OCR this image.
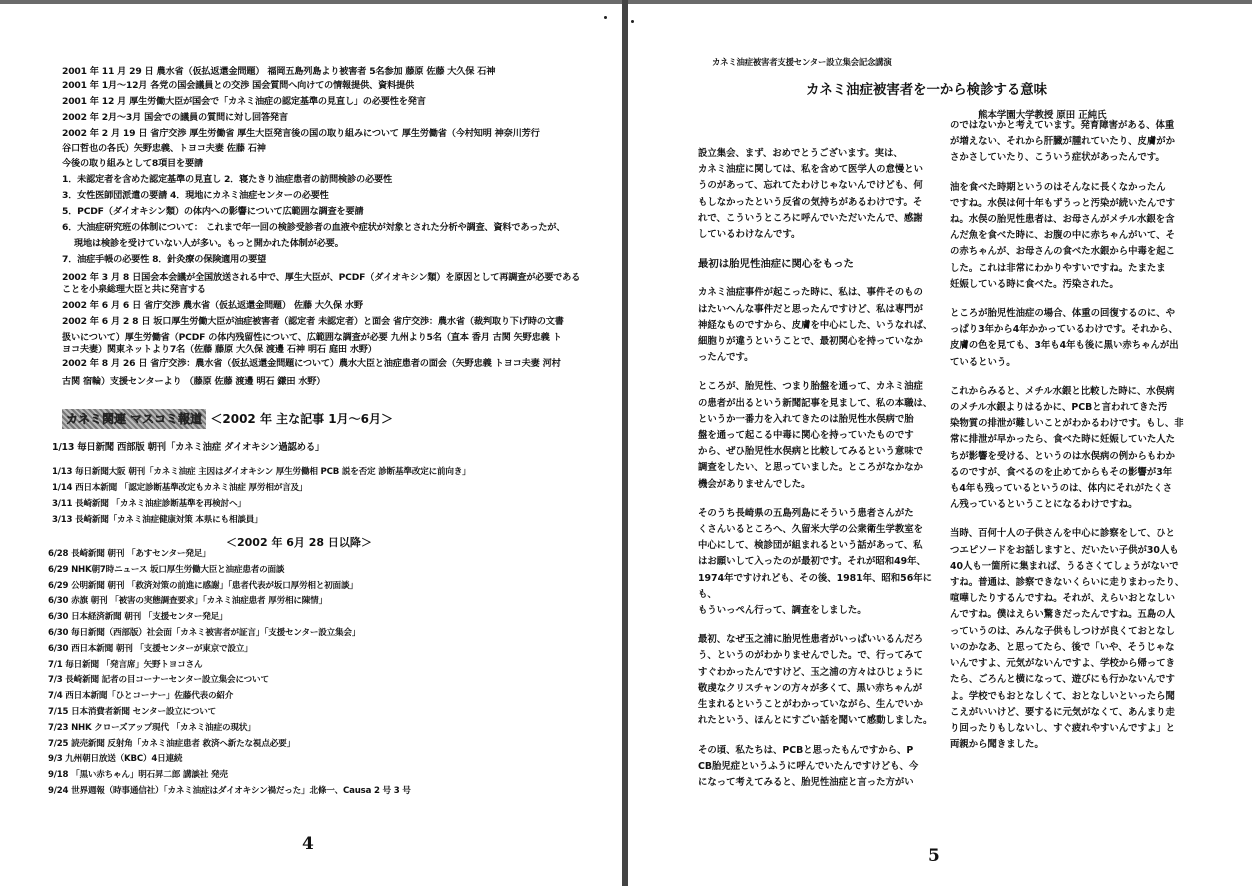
2001 年 11 月 29 日 農水省（仮払返還金問題） 福岡五島列島より被害者 5名参加 藤原 佐藤 大久保 石神
2001 年 1月～12月 各党の国会議員との交渉 国会質問へ向けての情報提供、資料提供
2001 年 12 月 厚生労働大臣が国会で「カネミ油症の認定基準の見直し」の必要性を発言
2002 年 2月～3月 国会での議員の質問に対し回答発言
2002 年 2 月 19 日 省庁交渉 厚生労働省 厚生大臣発言後の国の取り組みについて 厚生労働省（今村知明 神奈川芳行
谷口哲也の各氏）矢野忠義、トヨコ夫妻 佐藤 石神
今後の取り組みとして8項目を要請
1．未認定者を含めた認定基準の見直し 2．寝たきり油症患者の訪問検診の必要性
3．女性医師団派遣の要請 4．現地にカネミ油症センターの必要性
5．PCDF（ダイオキシン類）の体内への影響について広範囲な調査を要請
6．大油症研究班の体制について： これまで年一回の検診受診者の血液や症状が対象とされた分析や調査、資料であったが、
現地は検診を受けていない人が多い。もっと開かれた体制が必要。
7．油症手帳の必要性 8．針灸療の保険適用の要望
2002 年 3 月 8 日国会本会議が全国放送される中で、厚生大臣が、PCDF（ダイオキシン類）を原因として再調査が必要である
ことを小泉総理大臣と共に発言する
2002 年 6 月 6 日 省庁交渉 農水省（仮払返還金問題） 佐藤 大久保 水野
2002 年 6 月 2 8 日 坂口厚生労働大臣が油症被害者（認定者 未認定者）と面会 省庁交渉：農水省（裁判取り下げ時の文書
扱いについて）厚生労働省（PCDF の体内残留性について、広範囲な調査が必要 九州より5名（直本 香月 古関 矢野忠義 ト
ヨコ夫妻）関東ネットより7名（佐藤 藤原 大久保 渡邊 石神 明石 庭田 水野）
2002 年 8 月 26 日 省庁交渉：農水省（仮払返還金問題について）農水大臣と油症患者の面会（矢野忠義 トヨコ夫妻 河村
古関 宿輪）支援センターより （藤原 佐藤 渡邊 明石 鎌田 水野）
カネミ関連 マスコミ報道 ＜2002 年 主な記事 1月～6月＞
1/13 毎日新聞 西部版 朝刊「カネミ油症 ダイオキシン過認める」
1/13 毎日新聞大阪 朝刊「カネミ油症 主因はダイオキシン 厚生労働相 PCB 説を否定 診断基準改定に前向き」
1/14 西日本新聞 「認定診断基準改定もカネミ油症 厚労相が言及」
3/11 長崎新聞 「カネミ油症診断基準を再検討へ」
3/13 長崎新聞「カネミ油症健康対策 本県にも相談員」
＜2002 年 6月 28 日以降＞
6/28 長崎新聞 朝刊 「あすセンター発足」
6/29 NHK朝7時ニュース 坂口厚生労働大臣と油症患者の面談
6/29 公明新聞 朝刊 「救済対策の前進に感謝」「患者代表が坂口厚労相と初面談」
6/30 赤旗 朝刊 「被害の実態調査要求」「カネミ油症患者 厚労相に陳情」
6/30 日本経済新聞 朝刊 「支援センター発足」
6/30 毎日新聞（西部版）社会面「カネミ被害者が証言」「支援センター設立集会」
6/30 西日本新聞 朝刊 「支援センターが東京で設立」
7/1 毎日新聞 「発言席」矢野トヨコさん
7/3 長崎新聞 記者の目コーナーセンター設立集会について
7/4 西日本新聞「ひとコーナー」佐藤代表の紹介
7/15 日本消費者新聞 センター設立について
7/23 NHK クローズアップ現代 「カネミ油症の現状」
7/25 読売新聞 反射角「カネミ油症患者 救済へ新たな視点必要」
9/3 九州朝日放送（KBC）4日連続
9/18 「黒い赤ちゃん」明石昇二郎 講談社 発売
9/24 世界週報（時事通信社）「カネミ油症はダイオキシン禍だった」北條一、Causa 2 号 3 号
4
カネミ油症被害者支援センター設立集会記念講演
カネミ油症被害者を一から検診する意味
熊本学園大学教授 原田 正純氏

設立集会、まず、おめでとうございます。実は、
カネミ油症に関しては、私を含めて医学人の怠慢とい
うのがあって、忘れてたわけじゃないんでけども、何
もしなかったという反省の気持ちがあるわけです。そ
れで、こういうところに呼んでいただいたんで、感謝
しているわけなんです。

最初は胎児性油症に関心をもった

カネミ油症事件が起こった時に、私は、事件そのもの
はたいへんな事件だと思ったんですけど、私は専門が
神経なものですから、皮膚を中心にした、いうなれば、
細胞りが違うということで、最初関心を持っていなか
ったんです。

ところが、胎児性、つまり胎盤を通って、カネミ油症
の患者が出るという新聞記事を見まして、私の本職は、
というか一番力を入れてきたのは胎児性水俣病で胎
盤を通って起こる中毒に関心を持っていたものです
から、ぜひ胎児性水俣病と比較してみるという意味で
調査をしたい、と思っていました。ところがなかなか
機会がありませんでした。

そのうち長崎県の五島列島にそういう患者さんがた
くさんいるところへ、久留米大学の公衆衛生学教室を
中心にして、検診団が組まれるという話があって、私
はお願いして入ったのが最初です。それが昭和49年、
1974年ですけれども、その後、1981年、昭和56年にも、
もういっぺん行って、調査をしました。

最初、なぜ玉之浦に胎児性患者がいっぱいいるんだろ
う、というのがわかりませんでした。で、行ってみて
すぐわかったんですけど、玉之浦の方々はひじょうに
敬虔なクリスチャンの方々が多くて、黒い赤ちゃんが
生まれるということがわかっていながら、生んでいか
れたという、ほんとにすごい話を聞いて感動しました。

その頃、私たちは、PCBと思ったもんですから、P
CB胎児症というふうに呼んでいたんですけども、今
になって考えてみると、胎児性油症と言った方がい

のではないかと考えています。発育障害がある、体重
が増えない、それから肝臓が腫れていたり、皮膚がか
さかさしていたり、こういう症状があったんです。

油を食べた時期というのはそんなに長くなかったん
ですね。水俣は何十年もずうっと汚染が続いたんです
ね。水俣の胎児性患者は、お母さんがメチル水銀を含
んだ魚を食べた時に、お腹の中に赤ちゃんがいて、そ
の赤ちゃんが、お母さんの食べた水銀から中毒を起こ
した。これは非常にわかりやすいですね。たまたま
妊娠している時に食べた。汚染された。

ところが胎児性油症の場合、体重の回復するのに、や
っぱり3年から4年かかっているわけです。それから、
皮膚の色を見ても、3年も4年も後に黒い赤ちゃんが出
ているという。

これからみると、メチル水銀と比較した時に、水俣病
のメチル水銀よりはるかに、PCBと言われてきた汚
染物質の排泄が難しいことがわかるわけです。もし、非
常に排泄が早かったら、食べた時に妊娠していた人た
ちが影響を受ける、というのは水俣病の例からもわか
るのですが、食べるのを止めてからもその影響が3年
も4年も残っているというのは、体内にそれがたくさ
ん残っているということになるわけですね。

当時、百何十人の子供さんを中心に診察をして、ひと
つエピソードをお話しますと、だいたい子供が30人も
40人も一箇所に集まれば、うるさくてしょうがないで
すね。普通は、診察できないくらいに走りまわったり、
喧嘩したりするんですね。それが、えらいおとなしい
んですね。僕はえらい驚きだったんですね。五島の人
っていうのは、みんな子供もしつけが良くておとなし
いのかなあ、と思ってたら、後で「いや、そうじゃな
いんですよ、元気がないんですよ、学校から帰ってき
たら、ごろんと横になって、遊びにも行かないんです
よ。学校でもおとなしくて、おとなしいといったら聞
こえがいいけど、要するに元気がなくて、あんまり走
り回ったりもしないし、すぐ疲れやすいんですよ」と
両親から聞きました。

5
